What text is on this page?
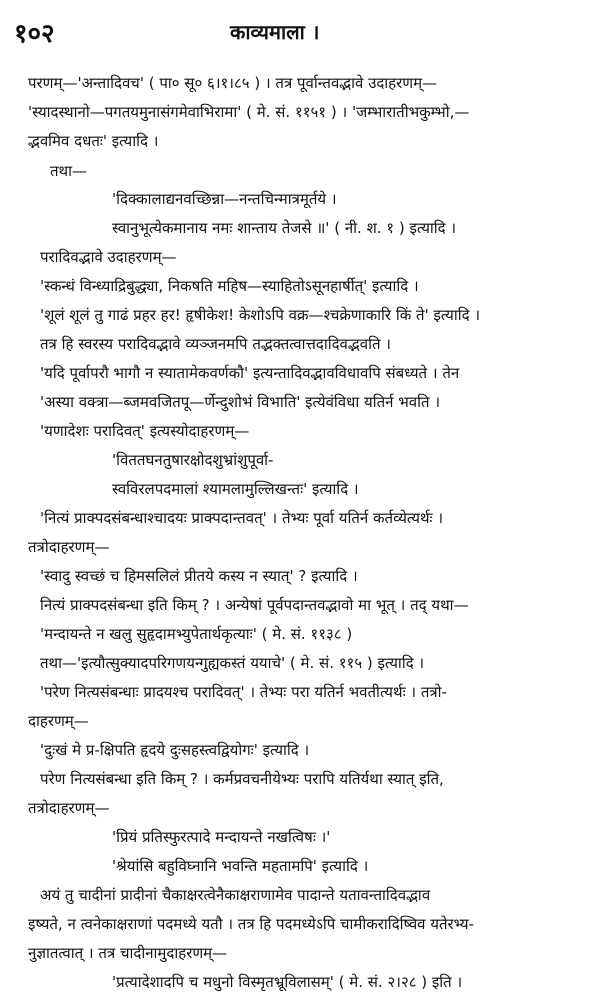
१०२	काव्यमाला ।
परणम्—'अन्तादिवच' ( पा० सू० ६।१।८५ ) । तत्र पूर्वान्तवद्भावे उदाहरणम्—
'स्यादस्थानो—पगतयमुनासंगमेवाभिरामा' ( मे. सं. ११५१ ) । 'जम्भारातीभकुम्भो,—
द्भवमिव दधतः' इत्यादि ।
तथा—
'दिक्कालाद्यनवच्छिन्ना—नन्तचिन्मात्रमूर्तये ।
स्वानुभूत्येकमानाय नमः शान्ताय तेजसे ॥' ( नी. श. १ ) इत्यादि ।
परादिवद्भावे उदाहरणम्—
'स्कन्धं विन्ध्याद्रिबुद्ध्या, निकषति महिष—स्याहितोऽसूनहार्षीत्' इत्यादि ।
'शूलं शूलं तु गाढं प्रहर हर! हृषीकेश! केशोऽपि वक्र—श्चक्रेणाकारि किं ते' इत्यादि ।
तत्र हि स्वरस्य परादिवद्भावे व्यञ्जनमपि तद्भक्तत्वात्तदादिवद्भवति ।
'यदि पूर्वापरौ भागौ न स्यातामेकवर्णकौ' इत्यन्तादिवद्भावविधावपि संबध्यते । तेन
'अस्या वक्त्रा—ब्जमवजितपू—र्णेन्दुशोभं विभाति' इत्येवंविधा यतिर्न भवति ।
'यणादेशः परादिवत्' इत्यस्योदाहरणम्—
'विततघनतुषारक्षोदशुभ्रांशुपूर्वा-
स्वविरलपदमालां श्यामलामुल्लिखन्तः' इत्यादि ।
'नित्यं प्राक्पदसंबन्धाश्चादयः प्राक्पदान्तवत्' । तेभ्यः पूर्वा यतिर्न कर्तव्येत्यर्थः ।
तत्रोदाहरणम्—
'स्वादु स्वच्छं च हिमसलिलं प्रीतये कस्य न स्यात्' ? इत्यादि ।
नित्यं प्राक्पदसंबन्धा इति किम् ? । अन्येषां पूर्वपदान्तवद्भावो मा भूत् । तद् यथा—
'मन्दायन्ते न खलु सुहृदामभ्युपेतार्थकृत्याः' ( मे. सं. ११३८ )
तथा—'इत्यौत्सुक्यादपरिगणयन्गुह्यकस्तं ययाचे' ( मे. सं. ११५ ) इत्यादि ।
'परेण नित्यसंबन्धाः प्रादयश्च परादिवत्' । तेभ्यः परा यतिर्न भवतीत्यर्थः । तत्रो-
दाहरणम्—
'दुःखं मे प्र-क्षिपति हृदये दुःसहस्त्वद्वियोगः' इत्यादि ।
परेण नित्यसंबन्धा इति किम् ? । कर्मप्रवचनीयेभ्यः परापि यतिर्यथा स्यात् इति,
तत्रोदाहरणम्—
'प्रियं प्रतिस्फुरत्पादे मन्दायन्ते नखत्विषः ।'
'श्रेयांसि बहुविघ्नानि भवन्ति महतामपि' इत्यादि ।
अयं तु चादीनां प्रादीनां चैकाक्षरत्वेनैकाक्षराणामेव पादान्ते यतावन्तादिवद्भाव
इष्यते, न त्वनेकाक्षराणां पदमध्ये यतौ । तत्र हि पदमध्येऽपि चामीकरादिष्विव यतेरभ्य-
नुज्ञातत्वात् । तत्र चादीनामुदाहरणम्—
'प्रत्यादेशादपि च मधुनो विस्मृतभ्रूविलासम्' ( मे. सं. २।२८ ) इति ।
